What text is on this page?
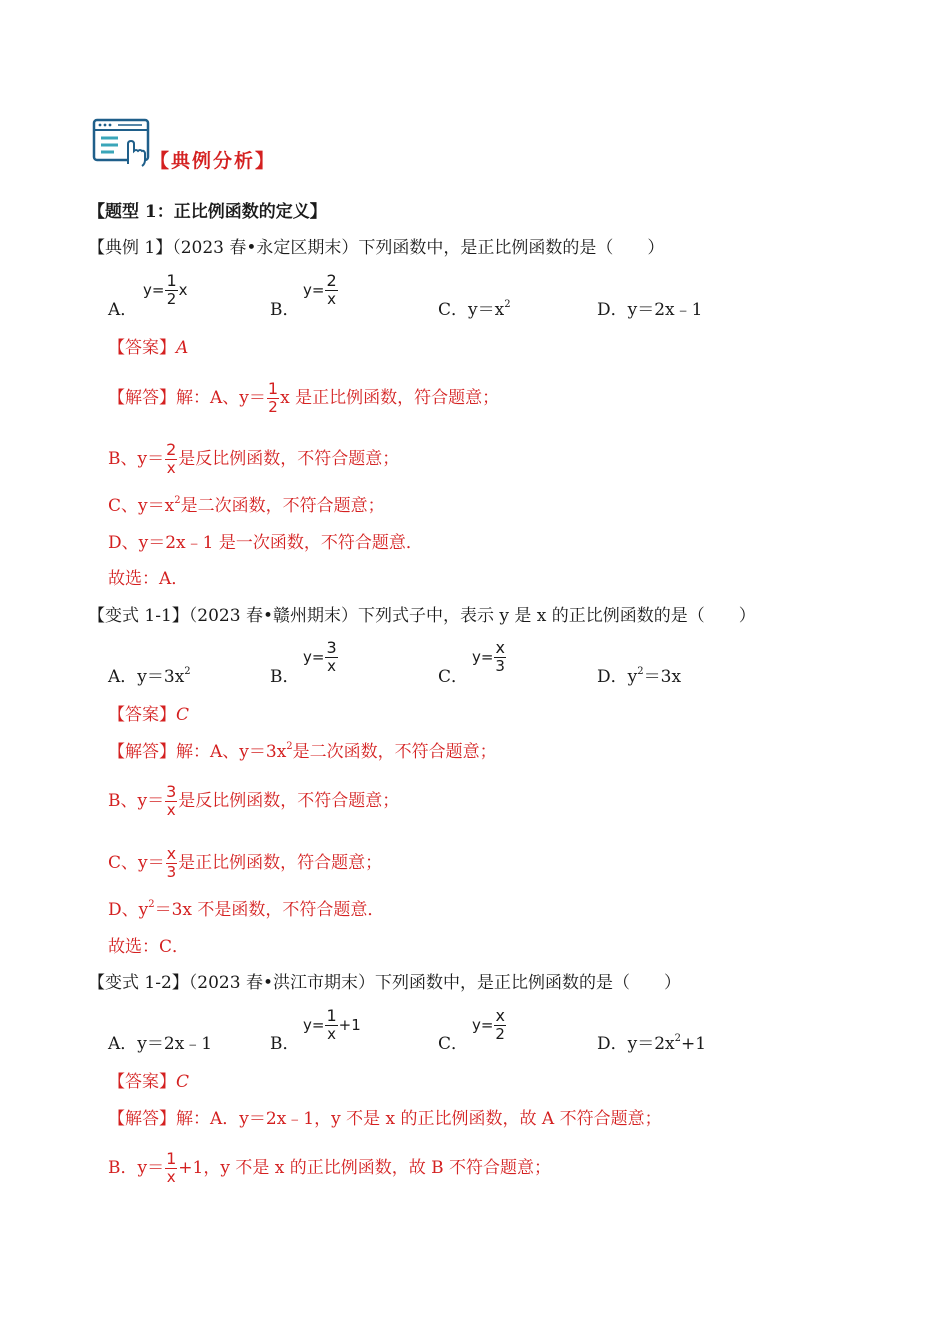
【典例分析】
【题型 1：正比例函数的定义】
【典例 1】（2023 春•永定区期末）下列函数中，是正比例函数的是（　　）
A．
$y= \frac{1}{2}$ x
B．
$y= \frac{2}{x}$
C．$y=x^2$	D．y＝2x﹣1
【答案】A
【解答】 解：A、$y= \frac{1}{2}$ x 是正比例函数，符合题意；
B、$y= \frac{2}{x}$ 是反比例函数，不符合题意；
C、$y=x^2$是二次函数，不符合题意；
D、y＝2x﹣1 是一次函数，不符合题意．
故选：A．
【变式 1-1】（2023 春•赣州期末）下列式子中，表示 y 是 x 的正比例函数的是（　　）
A．$y=3x^2$	B．
$y= \frac{3}{x}$
C．
$y= \frac{x}{3}$
D．$y^2=3x$
【答案】C
【解答】解：A、$y=3x^2$是二次函数，不符合题意；
B、$y= \frac{3}{x}$ 是反比例函数，不符合题意；
C、$y= \frac{x}{3}$ 是正比例函数，符合题意；
D、$y^2=3x$ 不是函数，不符合题意．
故选：C．
【变式 1-2】（2023 春•洪江市期末）下列函数中，是正比例函数的是（　　）
A．y＝2x﹣1	B．
$y= \frac{1}{x} +1$
C．
$y= \frac{x}{2}$
D．$y=2x^2+1$
【答案】C
【解答】解：A．y＝2x﹣1，y 不是 x 的正比例函数，故 A 不符合题意；
B．$y= \frac{1}{x} +1$，y 不是 x 的正比例函数，故 B 不符合题意；
